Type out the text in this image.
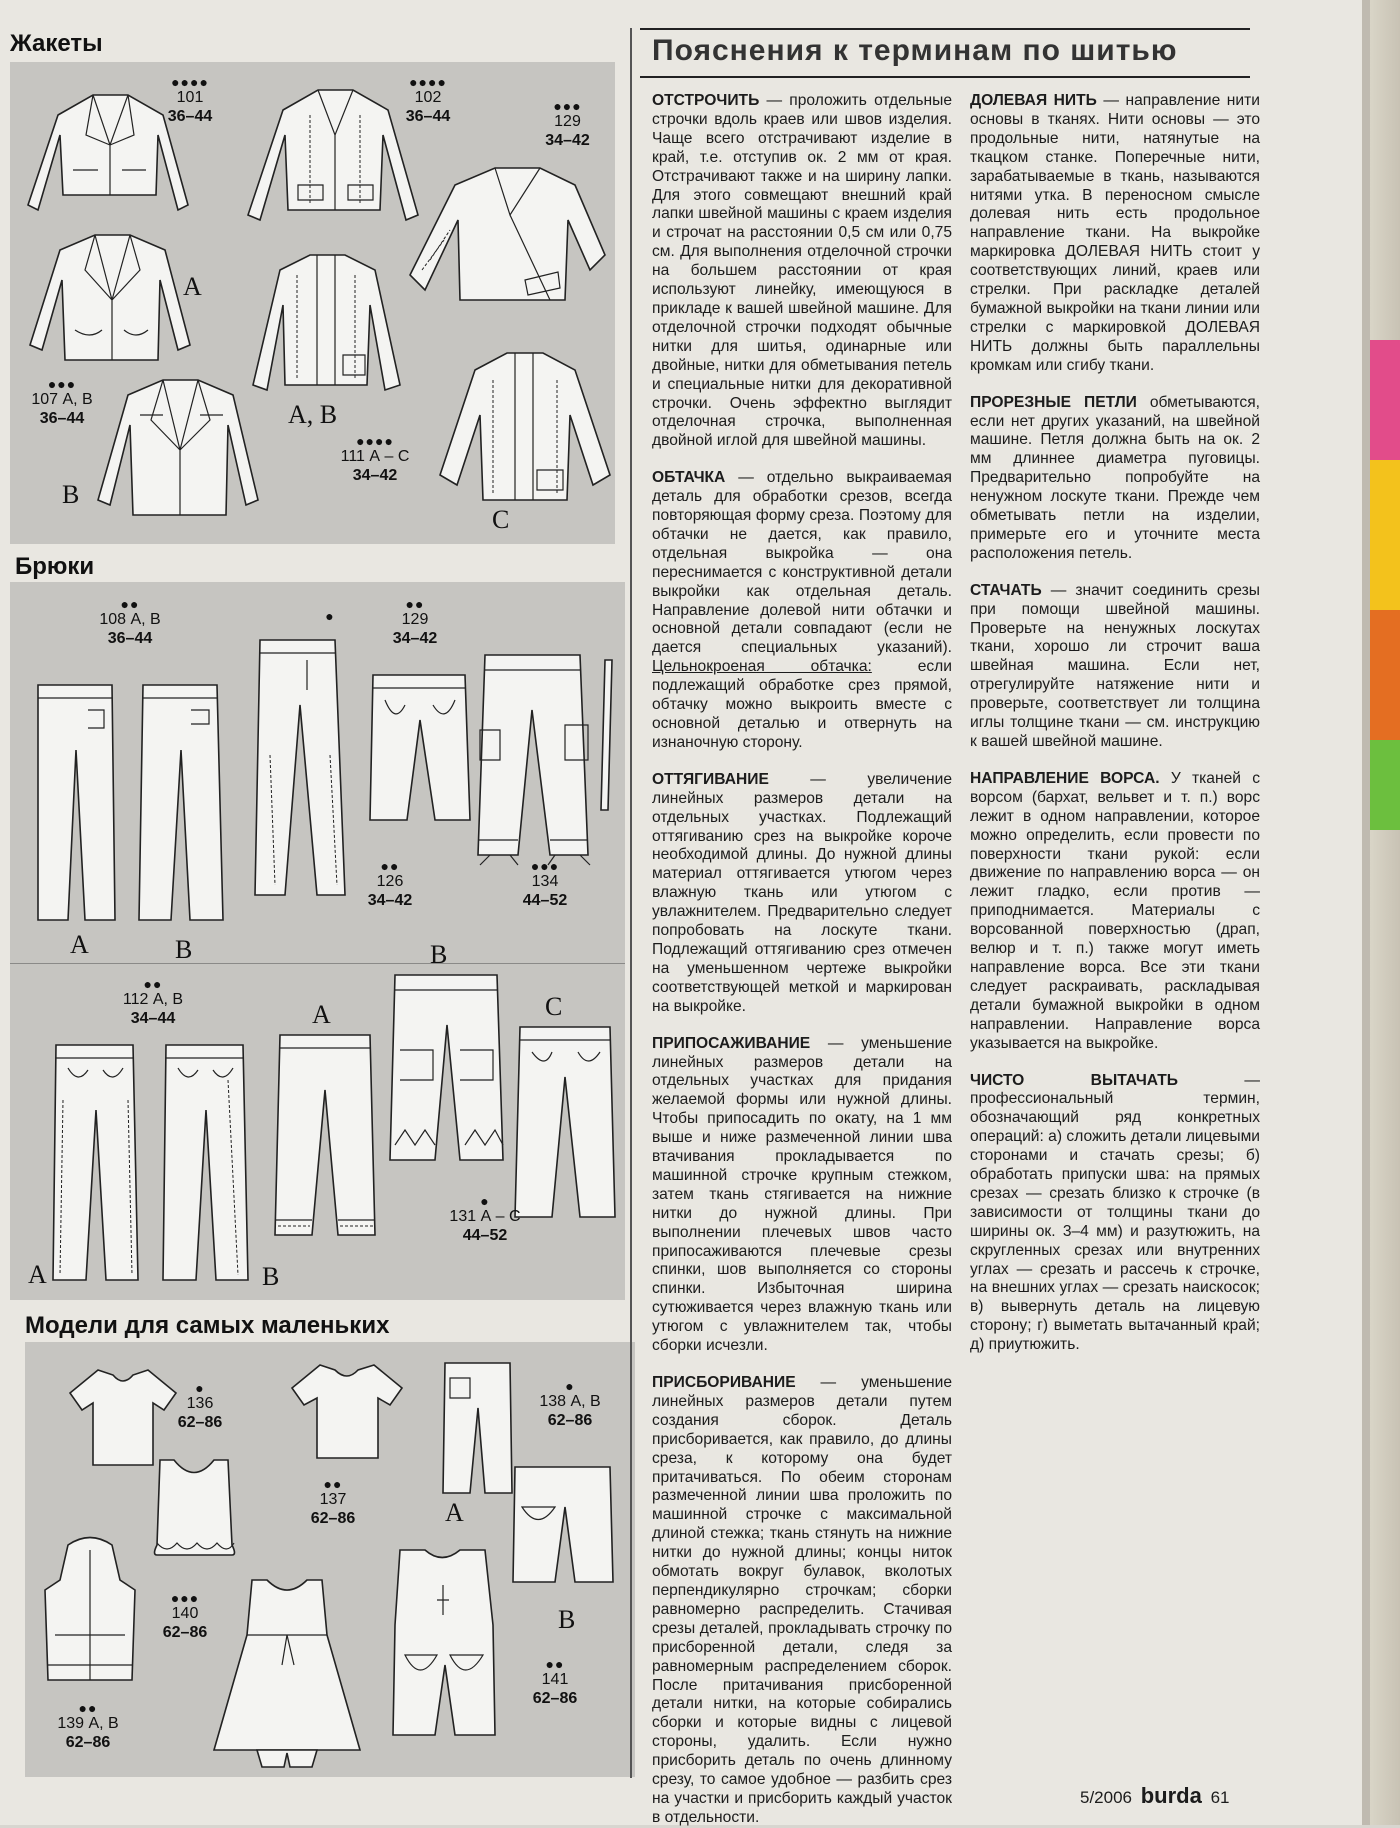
Жакеты
●●●●
101
36–44
●●●●
102
36–44
●●●
129
34–42
A
●●●
107 А, В
36–44
B
A, B
●●●●
111 А – С
34–42
C
Брюки
●●
108 А, В
36–44
A	B
●
●●
129
34–42
●●
126
34–42
●●●
134
44–52
●●
112 А, В
34–44
A	B
A
B
C
●
131 А – С
44–52
Модели для самых маленьких
●
136
62–86
●
138 А, В
62–86
●●
137
62–86	A
B
●●●
140
62–86
●●
139 А, В
62–86
●●
141
62–86
Пояснения к терминам по шитью

ОТСТРОЧИТЬ — проложить отдельные строчки вдоль краев или швов изделия. Чаще всего отстрачивают изделие в край, т.е. отступив ок. 2 мм от края. Отстрачивают также и на ширину лапки. Для этого совмещают внешний край лапки швейной машины с краем изделия и строчат на расстоянии 0,5 см или 0,75 см. Для выполнения отделочной строчки на большем расстоянии от края используют линейку, имеющуюся в прикладе к вашей швейной машине. Для отделочной строчки подходят обычные нитки для шитья, одинарные или двойные, нитки для обметывания петель и специальные нитки для декоративной строчки. Очень эффектно выглядит отделочная строчка, выполненная двойной иглой для швейной машины.

ОБТАЧКА — отдельно выкраиваемая деталь для обработки срезов, всегда повторяющая форму среза. Поэтому для обтачки не дается, как правило, отдельная выкройка — она переснимается с конструктивной детали выкройки как отдельная деталь. Направление долевой нити обтачки и основной детали совпадают (если не дается специальных указаний). Цельнокроеная обтачка: если подлежащий обработке срез прямой, обтачку можно выкроить вместе с основной деталью и отвернуть на изнаночную сторону.

ОТТЯГИВАНИЕ — увеличение линейных размеров детали на отдельных участках. Подлежащий оттягиванию срез на выкройке короче необходимой длины. До нужной длины материал оттягивается утюгом через влажную ткань или утюгом с увлажнителем. Предварительно следует попробовать на лоскуте ткани. Подлежащий оттягиванию срез отмечен на уменьшенном чертеже выкройки соответствующей меткой и маркирован на выкройке.

ПРИПОСАЖИВАНИЕ — уменьшение линейных размеров детали на отдельных участках для придания желаемой формы или нужной длины. Чтобы припосадить по окату, на 1 мм выше и ниже размеченной линии шва втачивания прокладывается по машинной строчке крупным стежком, затем ткань стягивается на нижние нитки до нужной длины. При выполнении плечевых швов часто припосаживаются плечевые срезы спинки, шов выполняется со стороны спинки. Избыточная ширина сутюживается через влажную ткань или утюгом с увлажнителем так, чтобы сборки исчезли.

ПРИСБОРИВАНИЕ — уменьшение линейных размеров детали путем создания сборок. Деталь присборивается, как правило, до длины среза, к которому она будет притачиваться. По обеим сторонам размеченной линии шва проложить по машинной строчке с максимальной длиной стежка; ткань стянуть на нижние нитки до нужной длины; концы ниток обмотать вокруг булавок, вколотых перпендикулярно строчкам; сборки равномерно распределить. Стачивая срезы деталей, прокладывать строчку по присборенной детали, следя за равномерным распределением сборок. После притачивания присборенной детали нитки, на которые собирались сборки и которые видны с лицевой стороны, удалить. Если нужно присборить деталь по очень длинному срезу, то самое удобное — разбить срез на участки и присборить каждый участок в отдельности.

ДОЛЕВАЯ НИТЬ — направление нити основы в тканях. Нити основы — это продольные нити, натянутые на ткацком станке. Поперечные нити, зарабатываемые в ткань, называются нитями утка. В переносном смысле долевая нить есть продольное направление ткани. На выкройке маркировка ДОЛЕВАЯ НИТЬ стоит у соответствующих линий, краев или стрелки. При раскладке деталей бумажной выкройки на ткани линии или стрелки с маркировкой ДОЛЕВАЯ НИТЬ должны быть параллельны кромкам или сгибу ткани.

ПРОРЕЗНЫЕ ПЕТЛИ обметываются, если нет других указаний, на швейной машине. Петля должна быть на ок. 2 мм длиннее диаметра пуговицы. Предварительно попробуйте на ненужном лоскуте ткани. Прежде чем обметывать петли на изделии, примерьте его и уточните места расположения петель.

СТАЧАТЬ — значит соединить срезы при помощи швейной машины. Проверьте на ненужных лоскутах ткани, хорошо ли строчит ваша швейная машина. Если нет, отрегулируйте натяжение нити и проверьте, соответствует ли толщина иглы толщине ткани — см. инструкцию к вашей швейной машине.

НАПРАВЛЕНИЕ ВОРСА. У тканей с ворсом (бархат, вельвет и т. п.) ворс лежит в одном направлении, которое можно определить, если провести по поверхности ткани рукой: если движение по направлению ворса — он лежит гладко, если против — приподнимается. Материалы с ворсованной поверхностью (драп, велюр и т. п.) также могут иметь направление ворса. Все эти ткани следует раскраивать, раскладывая детали бумажной выкройки в одном направлении. Направление ворса указывается на выкройке.

ЧИСТО ВЫТАЧАТЬ — профессиональный термин, обозначающий ряд конкретных операций: а) сложить детали лицевыми сторонами и стачать срезы; б) обработать припуски шва: на прямых срезах — срезать близко к строчке (в зависимости от толщины ткани до ширины ок. 3–4 мм) и разутюжить, на скругленных срезах или внутренних углах — срезать и рассечь к строчке, на внешних углах — срезать наискосок; в) вывернуть деталь на лицевую сторону; г) выметать вытачанный край; д) приутюжить.

5/2006 burda 61
